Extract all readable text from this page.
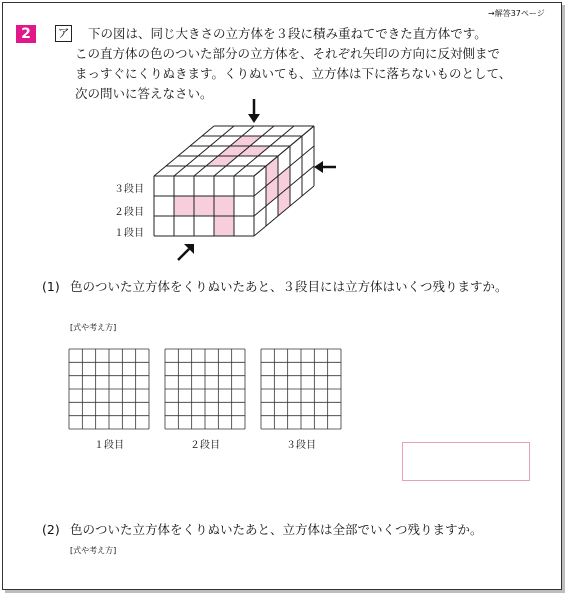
→解答37ページ
2	ア	下の図は、同じ大きさの立方体を３段に積み重ねてできた直方体です。
この直方体の色のついた部分の立方体を、それぞれ矢印の方向に反対側まで
まっすぐにくりぬきます。くりぬいても、立方体は下に落ちないものとして、
次の問いに答えなさい。
３段目
２段目
１段目
(1) 色のついた立方体をくりぬいたあと、３段目には立方体はいくつ残りますか。
[式や考え方]
１段目	２段目	３段目
(2) 色のついた立方体をくりぬいたあと、立方体は全部でいくつ残りますか。
[式や考え方]
